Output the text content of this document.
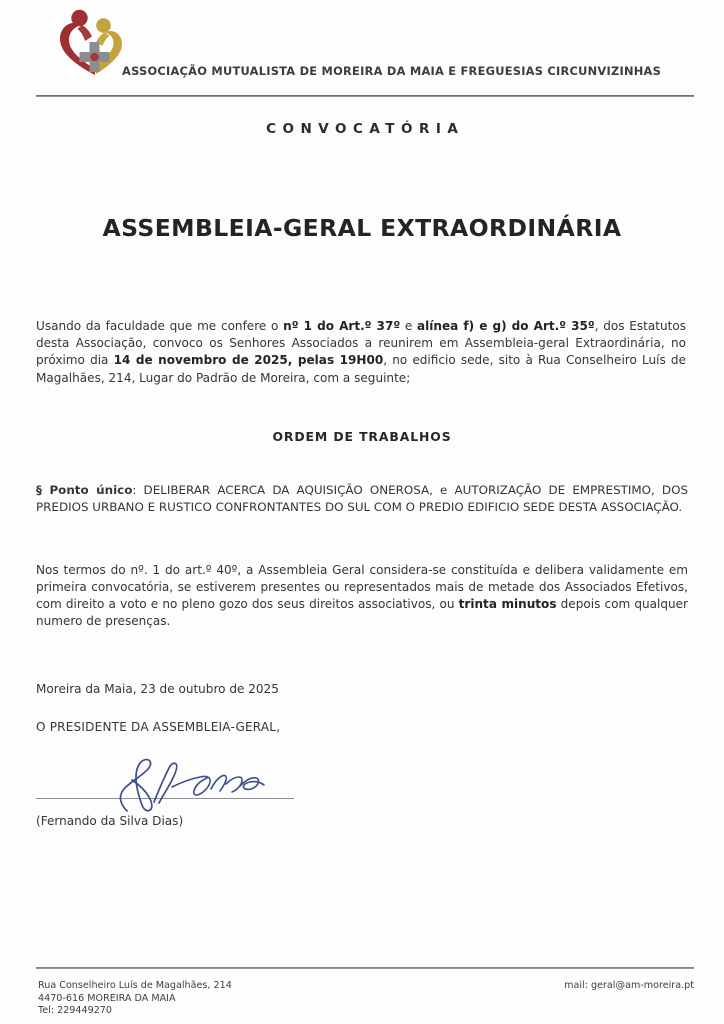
ASSOCIAÇÃO MUTUALISTA DE MOREIRA DA MAIA E FREGUESIAS CIRCUNVIZINHAS
CONVOCATÓRIA
ASSEMBLEIA-GERAL EXTRAORDINÁRIA
Usando da faculdade que me confere o nº 1 do Art.º 37º e alínea f) e g) do Art.º 35º, dos Estatutos desta Associação, convoco os Senhores Associados a reunirem em Assembleia-geral Extraordinária, no próximo dia 14 de novembro de 2025, pelas 19H00, no edificio sede, sito à Rua Conselheiro Luís de Magalhães, 214, Lugar do Padrão de Moreira, com a seguinte;
ORDEM DE TRABALHOS
§ Ponto único: DELIBERAR ACERCA DA AQUISIÇÃO ONEROSA, e AUTORIZAÇÃO DE EMPRESTIMO, DOS PREDIOS URBANO E RUSTICO CONFRONTANTES DO SUL COM O PREDIO EDIFICIO SEDE DESTA ASSOCIAÇÃO.
Nos termos do nº. 1 do art.º 40º, a Assembleia Geral considera-se constituída e delibera validamente em primeira convocatória, se estiverem presentes ou representados mais de metade dos Associados Efetivos, com direito a voto e no pleno gozo dos seus direitos associativos, ou trinta minutos depois com qualquer numero de presenças.
Moreira da Maia, 23 de outubro de 2025
O PRESIDENTE DA ASSEMBLEIA-GERAL,
(Fernando da Silva Dias)
Rua Conselheiro Luís de Magalhães, 214
4470-616 MOREIRA DA MAIA
Tel: 229449270
mail: geral@am-moreira.pt
